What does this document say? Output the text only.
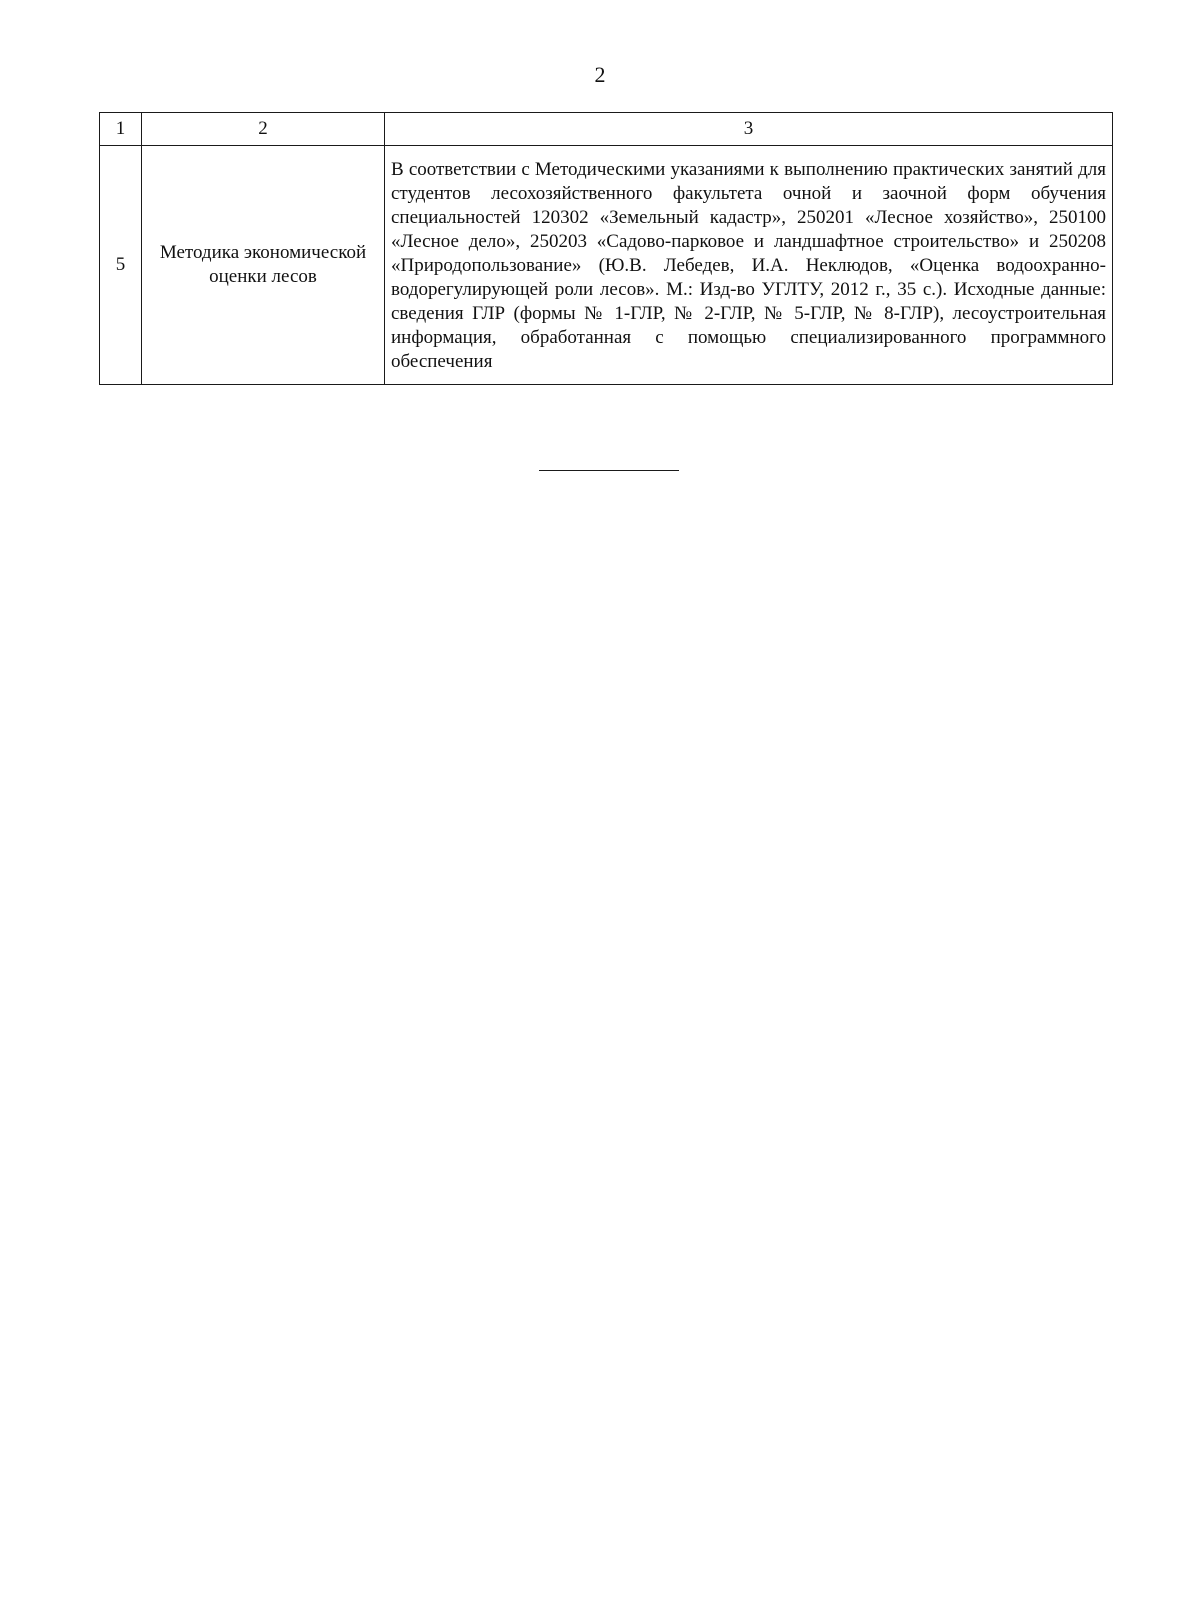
2
1	2	3
5	Методика экономической оценки лесов	В соответствии с Методическими указаниями к выполнению практических занятий для студентов лесохозяйственного факультета очной и заочной форм обучения специальностей 120302 «Земельный кадастр», 250201 «Лесное хозяйство», 250100 «Лесное дело», 250203 «Садово-парковое и ландшафтное строительство» и 250208 «Природопользование» (Ю.В. Лебедев, И.А. Неклюдов, «Оценка водоохранно-водорегулирующей роли лесов». М.: Изд-во УГЛТУ, 2012 г., 35 с.). Исходные данные: сведения ГЛР (формы № 1-ГЛР, № 2-ГЛР, № 5-ГЛР, № 8-ГЛР), лесоустроительная информация, обработанная с помощью специализированного программного обеспечения
